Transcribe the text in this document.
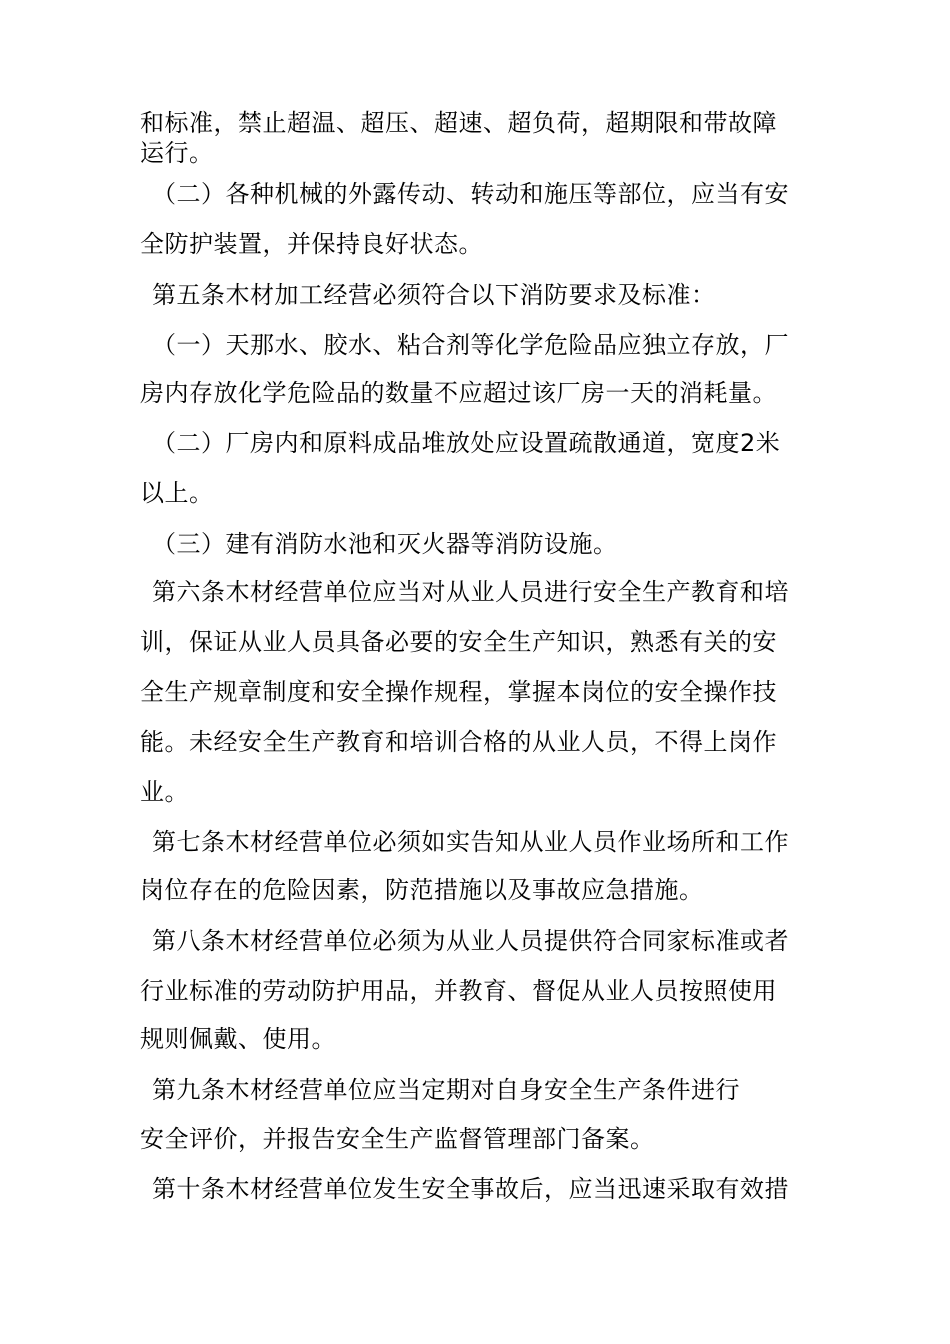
和标准，禁止超温、超压、超速、超负荷，超期限和带故障
运行。
（二）各种机械的外露传动、转动和施压等部位，应当有安
全防护装置，并保持良好状态。
第五条木材加工经营必须符合以下消防要求及标准：
（一）天那水、胶水、粘合剂等化学危险品应独立存放，厂
房内存放化学危险品的数量不应超过该厂房一天的消耗量。
（二）厂房内和原料成品堆放处应设置疏散通道，宽度2米
以上。
（三）建有消防水池和灭火器等消防设施。
第六条木材经营单位应当对从业人员进行安全生产教育和培
训，保证从业人员具备必要的安全生产知识，熟悉有关的安
全生产规章制度和安全操作规程，掌握本岗位的安全操作技
能。未经安全生产教育和培训合格的从业人员，不得上岗作
业。
第七条木材经营单位必须如实告知从业人员作业场所和工作
岗位存在的危险因素，防范措施以及事故应急措施。
第八条木材经营单位必须为从业人员提供符合同家标准或者
行业标准的劳动防护用品，并教育、督促从业人员按照使用
规则佩戴、使用。
第九条木材经营单位应当定期对自身安全生产条件进行
安全评价，并报告安全生产监督管理部门备案。
第十条木材经营单位发生安全事故后，应当迅速采取有效措
